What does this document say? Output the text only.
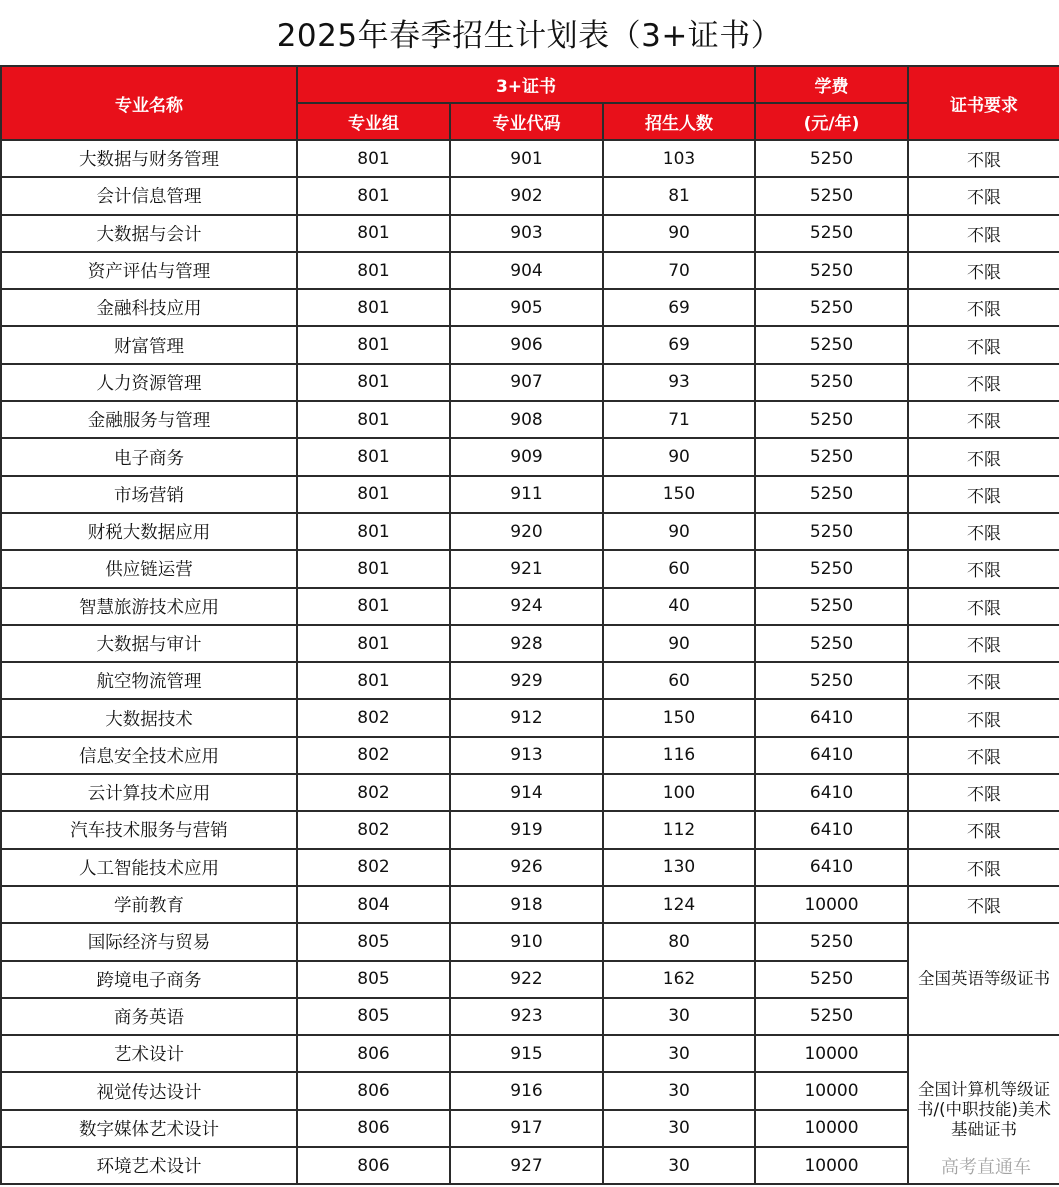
2025年春季招生计划表（3+证书）
专业名称	3+证书			学费	证书要求
	专业组	专业代码	招生人数	(元/年)	
大数据与财务管理	801	901	103	5250	不限
会计信息管理	801	902	81	5250	不限
大数据与会计	801	903	90	5250	不限
资产评估与管理	801	904	70	5250	不限
金融科技应用	801	905	69	5250	不限
财富管理	801	906	69	5250	不限
人力资源管理	801	907	93	5250	不限
金融服务与管理	801	908	71	5250	不限
电子商务	801	909	90	5250	不限
市场营销	801	911	150	5250	不限
财税大数据应用	801	920	90	5250	不限
供应链运营	801	921	60	5250	不限
智慧旅游技术应用	801	924	40	5250	不限
大数据与审计	801	928	90	5250	不限
航空物流管理	801	929	60	5250	不限
大数据技术	802	912	150	6410	不限
信息安全技术应用	802	913	116	6410	不限
云计算技术应用	802	914	100	6410	不限
汽车技术服务与营销	802	919	112	6410	不限
人工智能技术应用	802	926	130	6410	不限
学前教育	804	918	124	10000	不限
国际经济与贸易	805	910	80	5250	全国英语等级证书
跨境电子商务	805	922	162	5250	
商务英语	805	923	30	5250	
艺术设计	806	915	30	10000	全国计算机等级证书/(中职技能)美术基础证书
视觉传达设计	806	916	30	10000	
数字媒体艺术设计	806	917	30	10000	
环境艺术设计	806	927	30	10000		高考直通车
